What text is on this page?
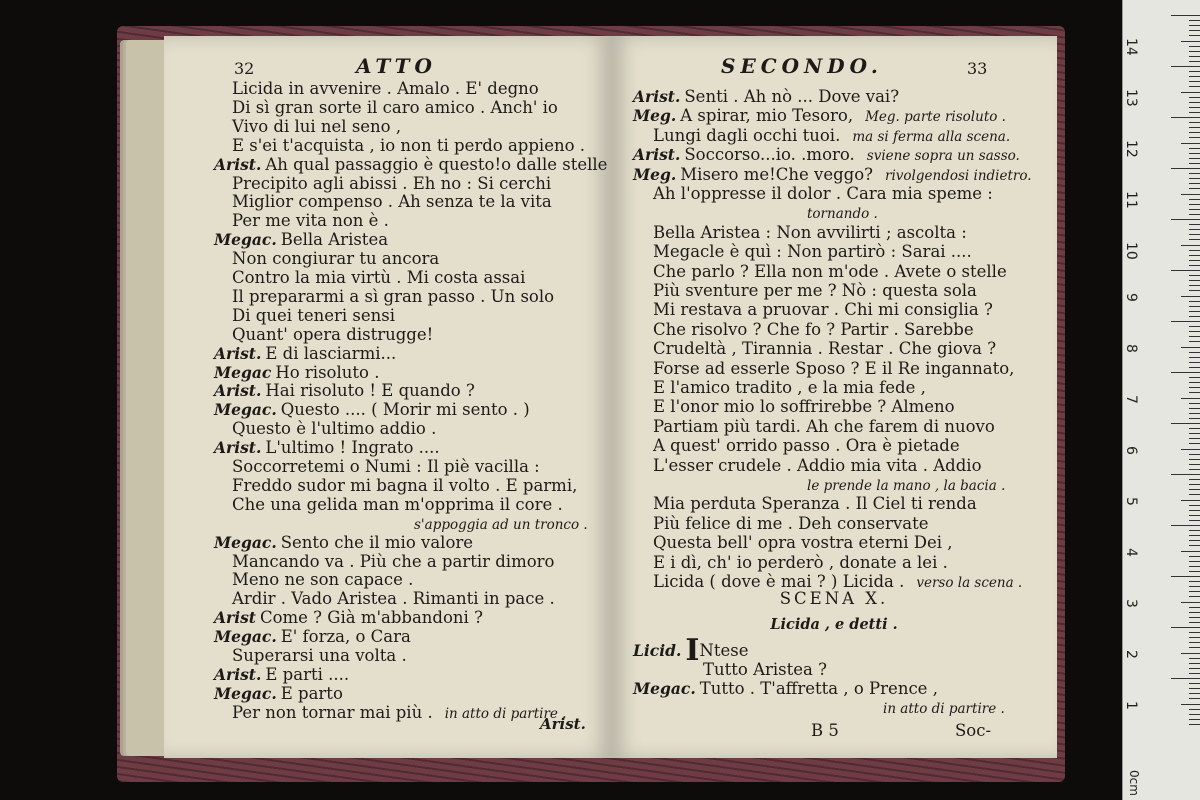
32	ATTO
Licida in avvenire . Amalo . E' degno
Di sì gran sorte il caro amico . Anch' io
Vivo di lui nel seno ,
E s'ei t'acquista , io non ti perdo appieno .
Arist. Ah qual passaggio è questo!o dalle stelle
Precipito agli abissi . Eh no : Si cerchi
Miglior compenso . Ah senza te la vita
Per me vita non è .
Megac. Bella Aristea
Non congiurar tu ancora
Contro la mia virtù . Mi costa assai
Il prepararmi a sì gran passo . Un solo
Di quei teneri sensi
Quant' opera distrugge!
Arist. E di lasciarmi...
Megac Ho risoluto .
Arist. Hai risoluto ! E quando ?
Megac. Questo .... ( Morir mi sento . )
Questo è l'ultimo addio .
Arist. L'ultimo ! Ingrato ....
Soccorretemi o Numi : Il piè vacilla :
Freddo sudor mi bagna il volto . E parmi,
Che una gelida man m'opprima il core .
s'appoggia ad un tronco .
Megac. Sento che il mio valore
Mancando va . Più che a partir dimoro
Meno ne son capace .
Ardir . Vado Aristea . Rimanti in pace .
Arist Come ? Già m'abbandoni ?
Megac. E' forza, o Cara
Superarsi una volta .
Arist. E parti ....
Megac. E parto
Per non tornar mai più . in atto di partire .
Arist.
SECONDO.	33
Arist. Senti . Ah nò ... Dove vai?
Meg. A spirar, mio Tesoro, Meg. parte risoluto .
Lungi dagli occhi tuoi. ma si ferma alla scena.
Arist. Soccorso...io. .moro. sviene sopra un sasso.
Meg. Misero me!Che veggo? rivolgendosi indietro.
Ah l'oppresse il dolor . Cara mia speme :
tornando .
Bella Aristea : Non avvilirti ; ascolta :
Megacle è quì : Non partirò : Sarai ....
Che parlo ? Ella non m'ode . Avete o stelle
Più sventure per me ? Nò : questa sola
Mi restava a pruovar . Chi mi consiglia ?
Che risolvo ? Che fo ? Partir . Sarebbe
Crudeltà , Tirannia . Restar . Che giova ?
Forse ad esserle Sposo ? E il Re ingannato,
E l'amico tradito , e la mia fede ,
E l'onor mio lo soffrirebbe ? Almeno
Partiam più tardi. Ah che farem di nuovo
A quest' orrido passo . Ora è pietade
L'esser crudele . Addio mia vita . Addio
le prende la mano , la bacia .
Mia perduta Speranza . Il Ciel ti renda
Più felice di me . Deh conservate
Questa bell' opra vostra eterni Dei ,
E i dì, ch' io perderò , donate a lei .
Licida ( dove è mai ? ) Licida . verso la scena .
SCENA X.
Licida , e detti .
Licid. INtese
Tutto Aristea ?
Megac. Tutto . T'affretta , o Prence ,
in atto di partire .
B 5	Soc-
14
13
12
11
10
9
8
7
6
5
4
3
2
1
0cm
